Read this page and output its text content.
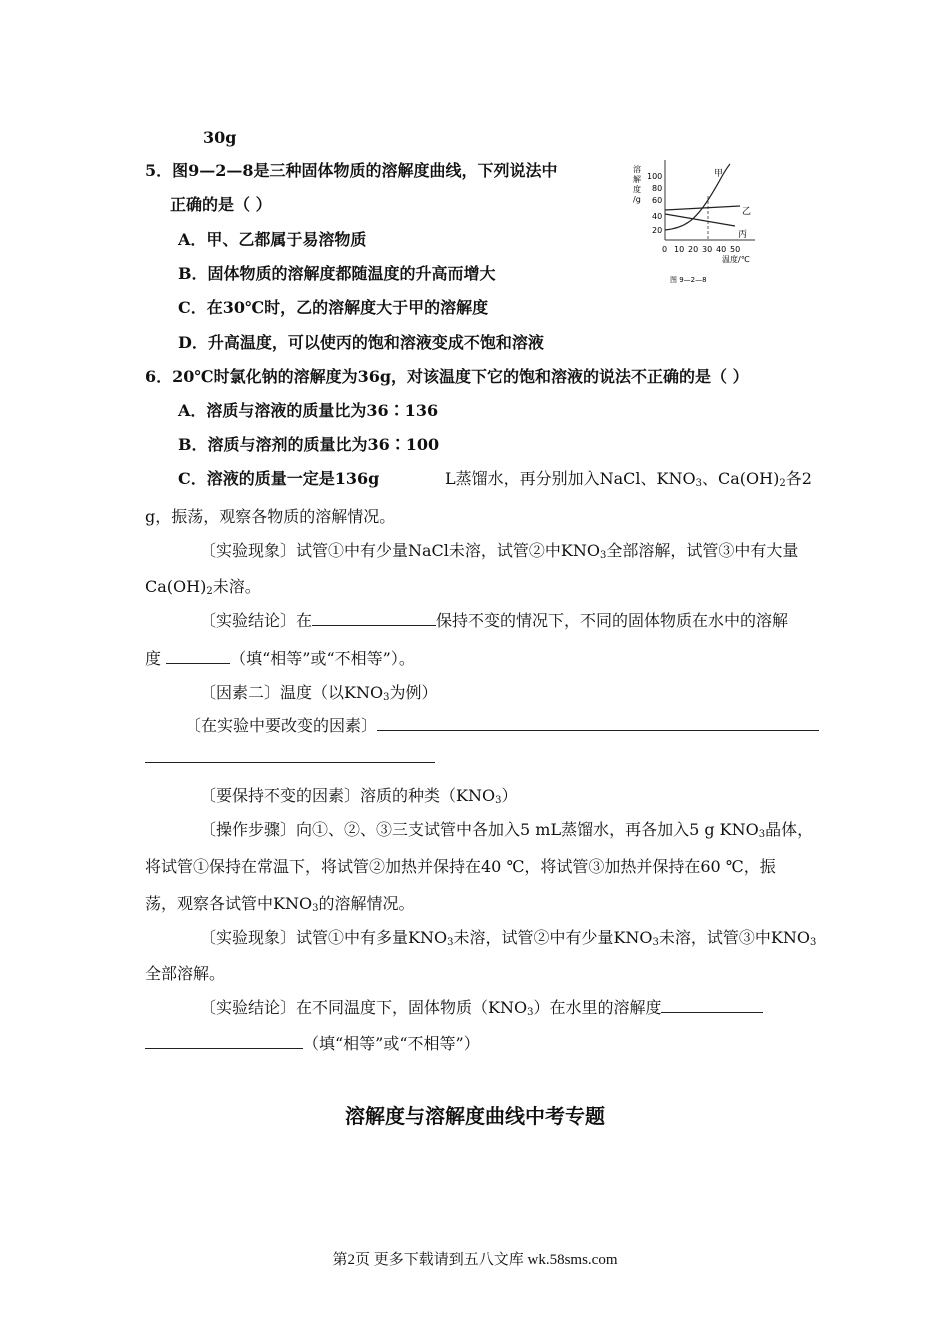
30g
5．图9—2—8是三种固体物质的溶解度曲线，下列说法中
正确的是（ ）
A．甲、乙都属于易溶物质
B．固体物质的溶解度都随温度的升高而增大
C．在30℃时，乙的溶解度大于甲的溶解度
D．升高温度，可以使丙的饱和溶液变成不饱和溶液
6．20℃时氯化钠的溶解度为36g，对该温度下它的饱和溶液的说法不正确的是（ ）
A．溶质与溶液的质量比为36∶136
B．溶质与溶剂的质量比为36∶100
C．溶液的质量一定是136g	L蒸馏水，再分别加入NaCl、$KNO_3$、$Ca(OH)_2$各2
g，振荡，观察各物质的溶解情况。
〔实验现象〕试管①中有少量NaCl未溶，试管②中$KNO_3$全部溶解，试管③中有大量
$Ca(OH)_2$未溶。
〔实验结论〕在	保持不变的情况下，不同的固体物质在水中的溶解
度	（填“相等”或“不相等”）。
〔因素二〕温度（以$KNO_3$为例）
〔在实验中要改变的因素〕
〔要保持不变的因素〕溶质的种类$(KNO_3)$
〔操作步骤〕向①、②、③三支试管中各加入5 mL蒸馏水，再各加入5 g $KNO_3$晶体，
将试管①保持在常温下，将试管②加热并保持在40 ℃，将试管③加热并保持在60 ℃，振
荡，观察各试管中$KNO_3$的溶解情况。
〔实验现象〕试管①中有多量$KNO_3$未溶，试管②中有少量$KNO_3$未溶，试管③中$KNO_3$
全部溶解。
〔实验结论〕在不同温度下，固体物质$(KNO_3)$在水里的溶解度
（填“相等”或“不相等”）
溶解度与溶解度曲线中考专题
第2页 更多下载请到五八文库 wk.58sms.com
溶
解
度
/g
100
80
60
40
20
0 10 20 30 40 50
温度/℃
甲
乙
丙
图 9—2—8
